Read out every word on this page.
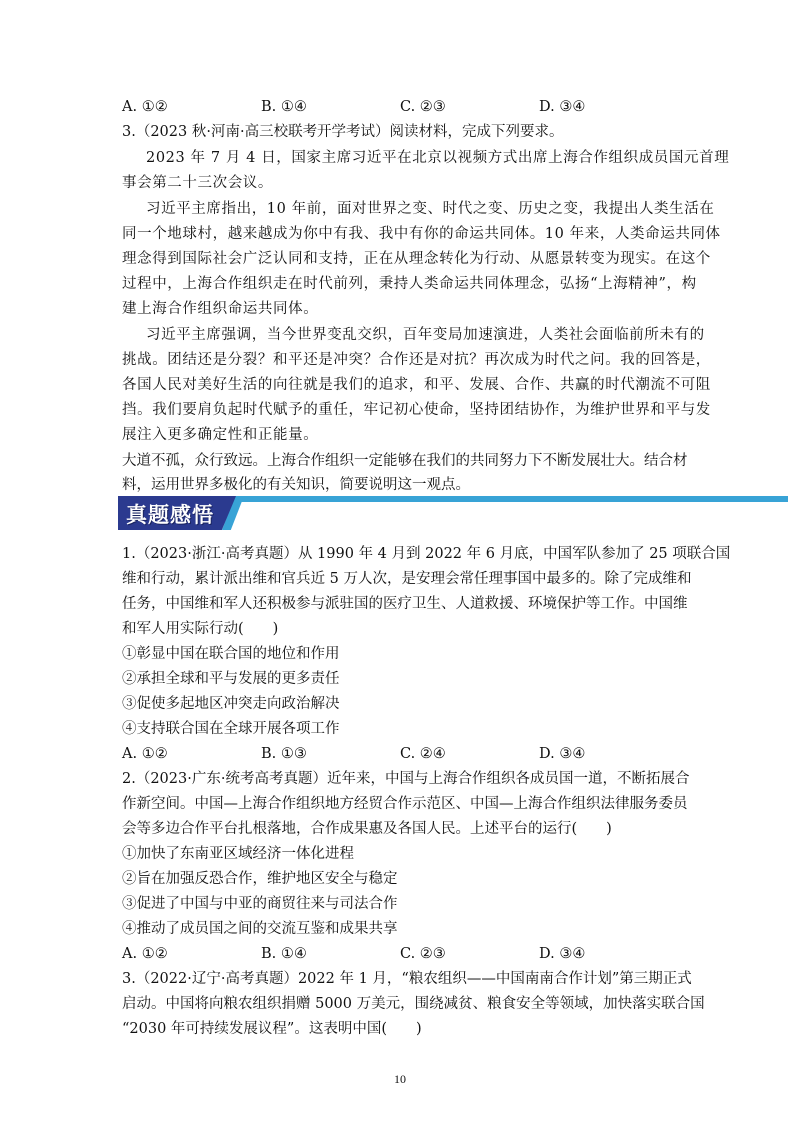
A. ①②	B. ①④	C. ②③	D. ③④
3.（2023 秋·河南·高三校联考开学考试）阅读材料，完成下列要求。
2023 年 7 月 4 日，国家主席习近平在北京以视频方式出席上海合作组织成员国元首理
事会第二十三次会议。
习近平主席指出，10 年前，面对世界之变、时代之变、历史之变，我提出人类生活在
同一个地球村，越来越成为你中有我、我中有你的命运共同体。10 年来，人类命运共同体
理念得到国际社会广泛认同和支持，正在从理念转化为行动、从愿景转变为现实。在这个
过程中，上海合作组织走在时代前列，秉持人类命运共同体理念，弘扬“上海精神”，构
建上海合作组织命运共同体。
习近平主席强调，当今世界变乱交织，百年变局加速演进，人类社会面临前所未有的
挑战。团结还是分裂？和平还是冲突？合作还是对抗？再次成为时代之问。我的回答是，
各国人民对美好生活的向往就是我们的追求，和平、发展、合作、共赢的时代潮流不可阻
挡。我们要肩负起时代赋予的重任，牢记初心使命，坚持团结协作，为维护世界和平与发
展注入更多确定性和正能量。
大道不孤，众行致远。上海合作组织一定能够在我们的共同努力下不断发展壮大。结合材
料，运用世界多极化的有关知识，简要说明这一观点。
真题感悟
1.（2023·浙江·高考真题）从 1990 年 4 月到 2022 年 6 月底，中国军队参加了 25 项联合国
维和行动，累计派出维和官兵近 5 万人次，是安理会常任理事国中最多的。除了完成维和
任务，中国维和军人还积极参与派驻国的医疗卫生、人道救援、环境保护等工作。中国维
和军人用实际行动(　　)
①彰显中国在联合国的地位和作用
②承担全球和平与发展的更多责任
③促使多起地区冲突走向政治解决
④支持联合国在全球开展各项工作
A. ①②	B. ①③	C. ②④	D. ③④
2.（2023·广东·统考高考真题）近年来，中国与上海合作组织各成员国一道，不断拓展合
作新空间。中国—上海合作组织地方经贸合作示范区、中国—上海合作组织法律服务委员
会等多边合作平台扎根落地，合作成果惠及各国人民。上述平台的运行(　　)
①加快了东南亚区域经济一体化进程
②旨在加强反恐合作，维护地区安全与稳定
③促进了中国与中亚的商贸往来与司法合作
④推动了成员国之间的交流互鉴和成果共享
A. ①②	B. ①④	C. ②③	D. ③④
3.（2022·辽宁·高考真题）2022 年 1 月，“粮农组织——中国南南合作计划”第三期正式
启动。中国将向粮农组织捐赠 5000 万美元，围绕减贫、粮食安全等领域，加快落实联合国
“2030 年可持续发展议程”。这表明中国(　　)
10
